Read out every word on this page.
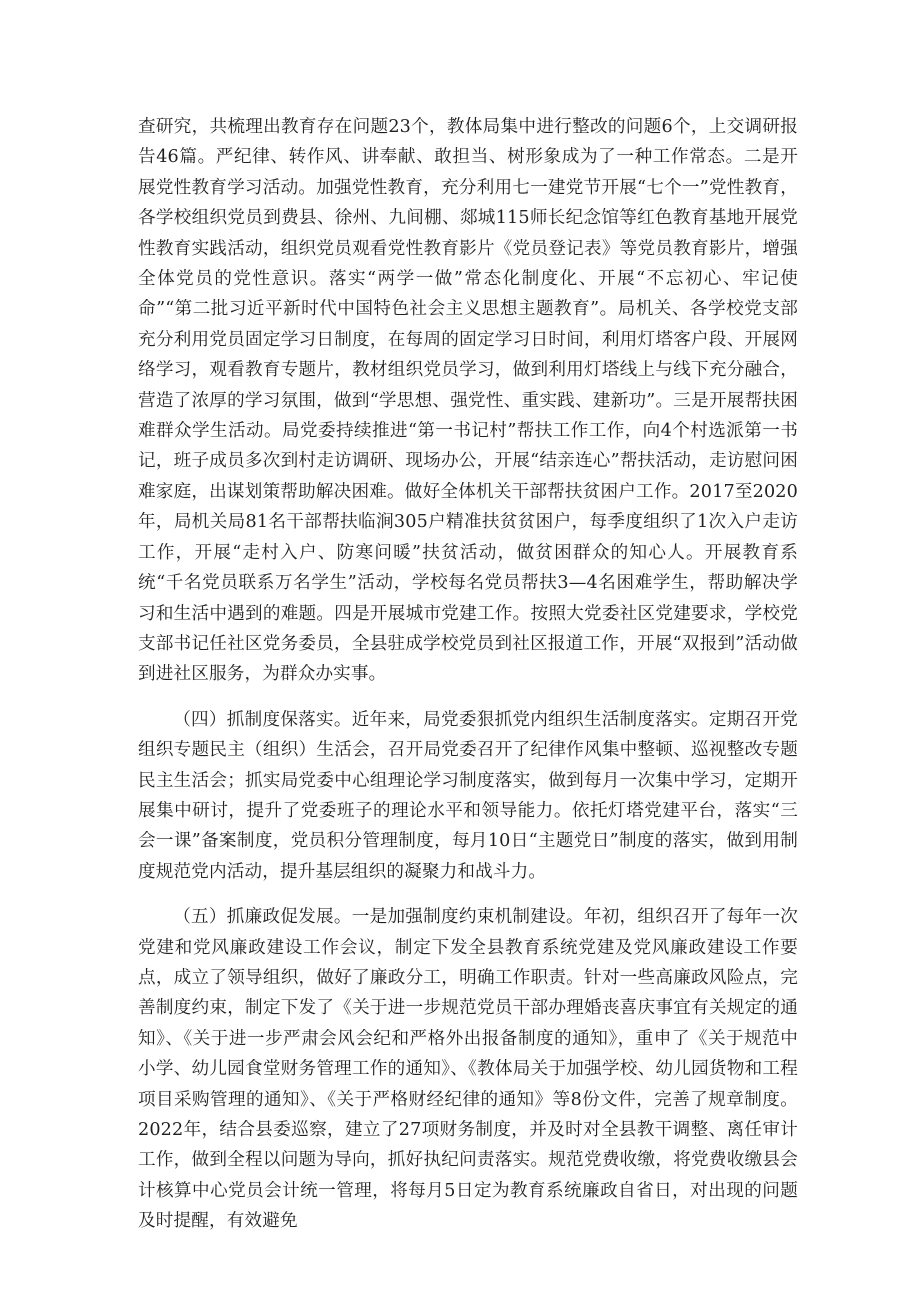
查研究，共梳理出教育存在问题23个，教体局集中进行整改的问题6个，上交调研报告46篇。严纪律、转作风、讲奉献、敢担当、树形象成为了一种工作常态。二是开展党性教育学习活动。加强党性教育，充分利用七一建党节开展“七个一”党性教育，各学校组织党员到费县、徐州、九间棚、郯城115师长纪念馆等红色教育基地开展党性教育实践活动，组织党员观看党性教育影片《党员登记表》等党员教育影片，增强全体党员的党性意识。落实“两学一做”常态化制度化、开展“不忘初心、牢记使命”“第二批习近平新时代中国特色社会主义思想主题教育”。局机关、各学校党支部充分利用党员固定学习日制度，在每周的固定学习日时间，利用灯塔客户段、开展网络学习，观看教育专题片，教材组织党员学习，做到利用灯塔线上与线下充分融合，营造了浓厚的学习氛围，做到“学思想、强党性、重实践、建新功”。三是开展帮扶困难群众学生活动。局党委持续推进“第一书记村”帮扶工作工作，向4个村选派第一书记，班子成员多次到村走访调研、现场办公，开展“结亲连心”帮扶活动，走访慰问困难家庭，出谋划策帮助解决困难。做好全体机关干部帮扶贫困户工作。2017至2020年，局机关局81名干部帮扶临涧305户精准扶贫贫困户，每季度组织了1次入户走访工作，开展“走村入户、防寒问暖”扶贫活动，做贫困群众的知心人。开展教育系统“千名党员联系万名学生”活动，学校每名党员帮扶3—4名困难学生，帮助解决学习和生活中遇到的难题。四是开展城市党建工作。按照大党委社区党建要求，学校党支部书记任社区党务委员，全县驻成学校党员到社区报道工作，开展“双报到”活动做到进社区服务，为群众办实事。

（四）抓制度保落实。近年来，局党委狠抓党内组织生活制度落实。定期召开党组织专题民主（组织）生活会，召开局党委召开了纪律作风集中整顿、巡视整改专题民主生活会；抓实局党委中心组理论学习制度落实，做到每月一次集中学习，定期开展集中研讨，提升了党委班子的理论水平和领导能力。依托灯塔党建平台，落实“三会一课”备案制度，党员积分管理制度，每月10日“主题党日”制度的落实，做到用制度规范党内活动，提升基层组织的凝聚力和战斗力。

（五）抓廉政促发展。一是加强制度约束机制建设。年初，组织召开了每年一次党建和党风廉政建设工作会议，制定下发全县教育系统党建及党风廉政建设工作要点，成立了领导组织，做好了廉政分工，明确工作职责。针对一些高廉政风险点，完善制度约束，制定下发了《关于进一步规范党员干部办理婚丧喜庆事宜有关规定的通知》、《关于进一步严肃会风会纪和严格外出报备制度的通知》，重申了《关于规范中小学、幼儿园食堂财务管理工作的通知》、《教体局关于加强学校、幼儿园货物和工程项目采购管理的通知》、《关于严格财经纪律的通知》等8份文件，完善了规章制度。2022年，结合县委巡察，建立了27项财务制度，并及时对全县教干调整、离任审计工作，做到全程以问题为导向，抓好执纪问责落实。规范党费收缴，将党费收缴县会计核算中心党员会计统一管理，将每月5日定为教育系统廉政自省日，对出现的问题及时提醒，有效避免
